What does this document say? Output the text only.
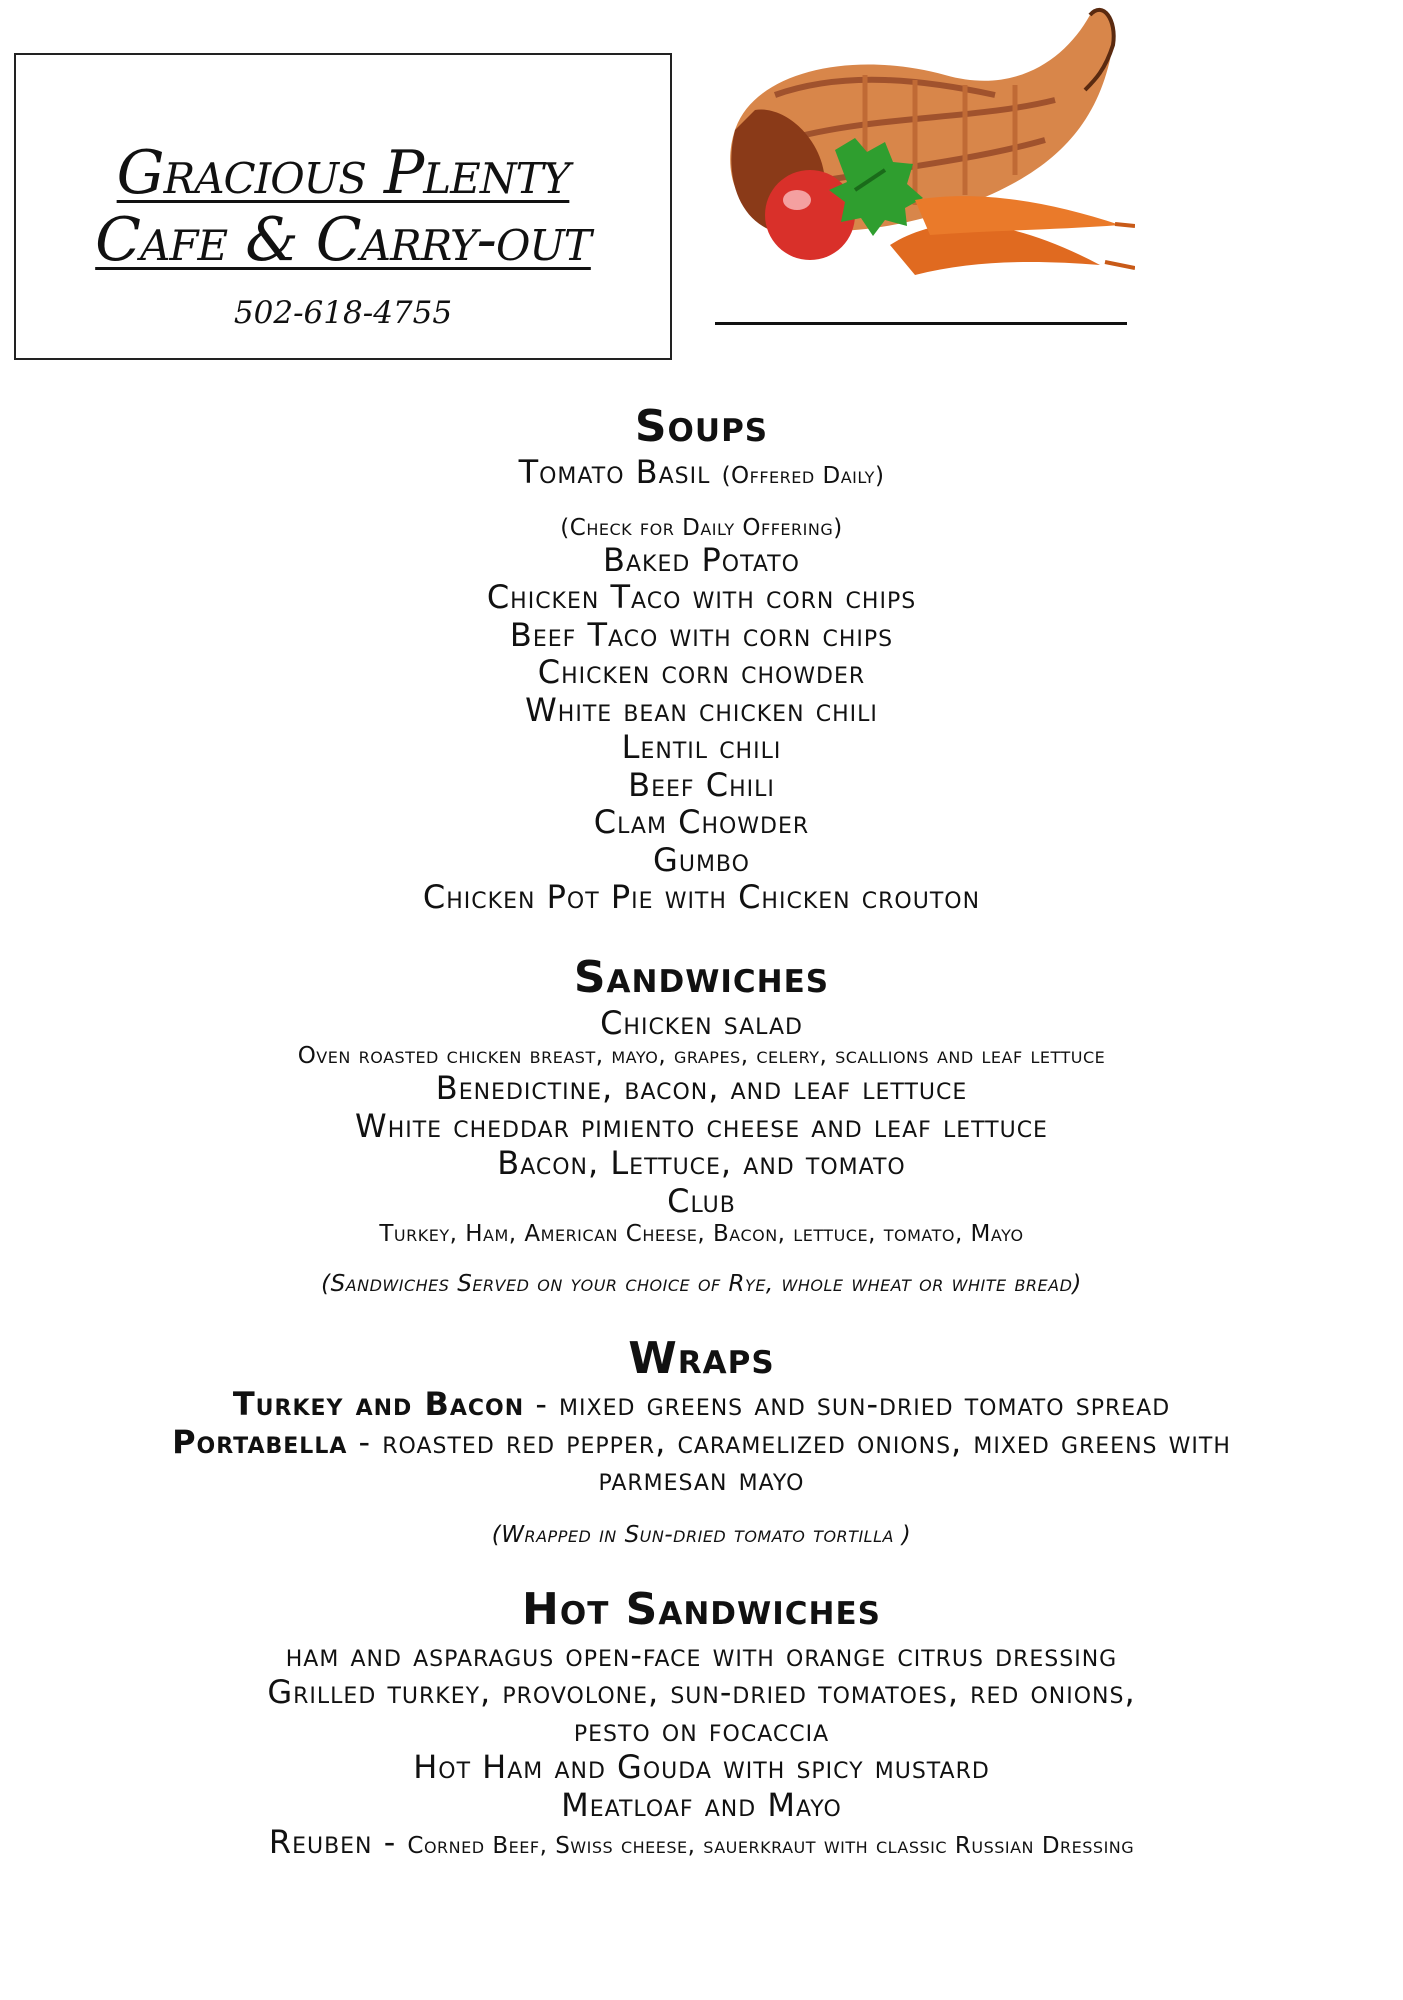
Gracious Plenty
Cafe & Carry-out
502-618-4755
Soups
Tomato Basil (Offered Daily)
(Check for Daily Offering)
Baked Potato
Chicken Taco with corn chips
Beef Taco with corn chips
Chicken corn chowder
White bean chicken chili
Lentil chili
Beef Chili
Clam Chowder
Gumbo
Chicken Pot Pie with Chicken crouton
Sandwiches
Chicken salad
Oven roasted chicken breast, mayo, grapes, celery, scallions and leaf lettuce
Benedictine, bacon, and leaf lettuce
White cheddar pimiento cheese and leaf lettuce
Bacon, Lettuce, and tomato
Club
Turkey, Ham, American Cheese, Bacon, lettuce, tomato, Mayo
(Sandwiches Served on your choice of Rye, whole wheat or white bread)
Wraps
Turkey and Bacon - mixed greens and sun-dried tomato spread
Portabella - roasted red pepper, caramelized onions, mixed greens with
parmesan mayo
(Wrapped in Sun-dried tomato tortilla )
Hot Sandwiches
ham and asparagus open-face with orange citrus dressing
Grilled turkey, provolone, sun-dried tomatoes, red onions,
pesto on focaccia
Hot Ham and Gouda with spicy mustard
Meatloaf and Mayo
Reuben - Corned Beef, Swiss cheese, sauerkraut with classic Russian Dressing
